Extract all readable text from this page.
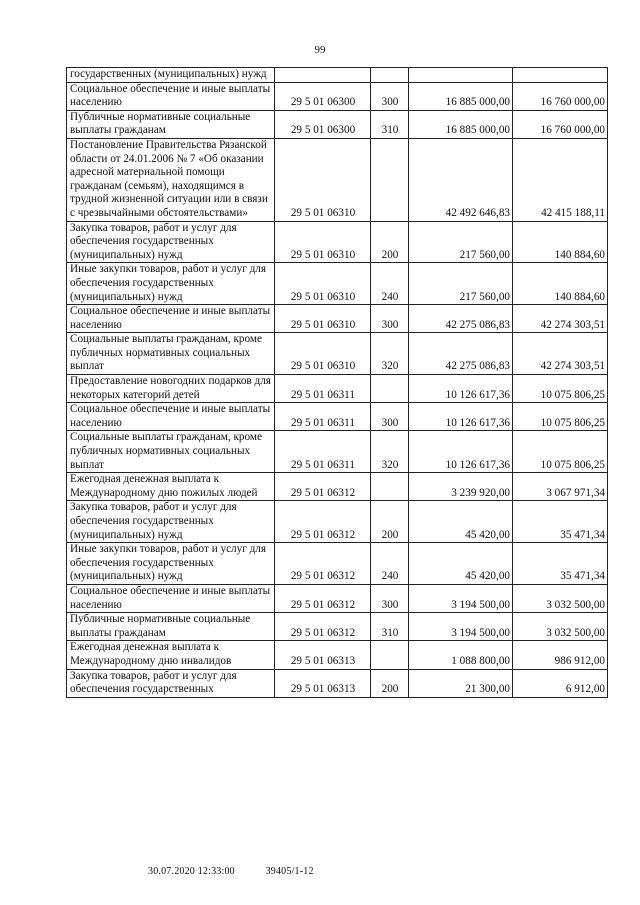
99
государственных (муниципальных) нужд				
Социальное обеспечение и иные выплаты населению	29 5 01 06300	300	16 885 000,00	16 760 000,00
Публичные нормативные социальные выплаты гражданам	29 5 01 06300	310	16 885 000,00	16 760 000,00
Постановление Правительства Рязанской области от 24.01.2006 № 7 «Об оказании адресной материальной помощи гражданам (семьям), находящимся в трудной жизненной ситуации или в связи с чрезвычайными обстоятельствами»	29 5 01 06310		42 492 646,83	42 415 188,11
Закупка товаров, работ и услуг для обеспечения государственных (муниципальных) нужд	29 5 01 06310	200	217 560,00	140 884,60
Иные закупки товаров, работ и услуг для обеспечения государственных (муниципальных) нужд	29 5 01 06310	240	217 560,00	140 884,60
Социальное обеспечение и иные выплаты населению	29 5 01 06310	300	42 275 086,83	42 274 303,51
Социальные выплаты гражданам, кроме публичных нормативных социальных выплат	29 5 01 06310	320	42 275 086,83	42 274 303,51
Предоставление новогодних подарков для некоторых категорий детей	29 5 01 06311		10 126 617,36	10 075 806,25
Социальное обеспечение и иные выплаты населению	29 5 01 06311	300	10 126 617,36	10 075 806,25
Социальные выплаты гражданам, кроме публичных нормативных социальных выплат	29 5 01 06311	320	10 126 617,36	10 075 806,25
Ежегодная денежная выплата к Международному дню пожилых людей	29 5 01 06312		3 239 920,00	3 067 971,34
Закупка товаров, работ и услуг для обеспечения государственных (муниципальных) нужд	29 5 01 06312	200	45 420,00	35 471,34
Иные закупки товаров, работ и услуг для обеспечения государственных (муниципальных) нужд	29 5 01 06312	240	45 420,00	35 471,34
Социальное обеспечение и иные выплаты населению	29 5 01 06312	300	3 194 500,00	3 032 500,00
Публичные нормативные социальные выплаты гражданам	29 5 01 06312	310	3 194 500,00	3 032 500,00
Ежегодная денежная выплата к Международному дню инвалидов	29 5 01 06313		1 088 800,00	986 912,00
Закупка товаров, работ и услуг для обеспечения государственных	29 5 01 06313	200	21 300,00	6 912,00
30.07.2020 12:33:00	39405/1-12
